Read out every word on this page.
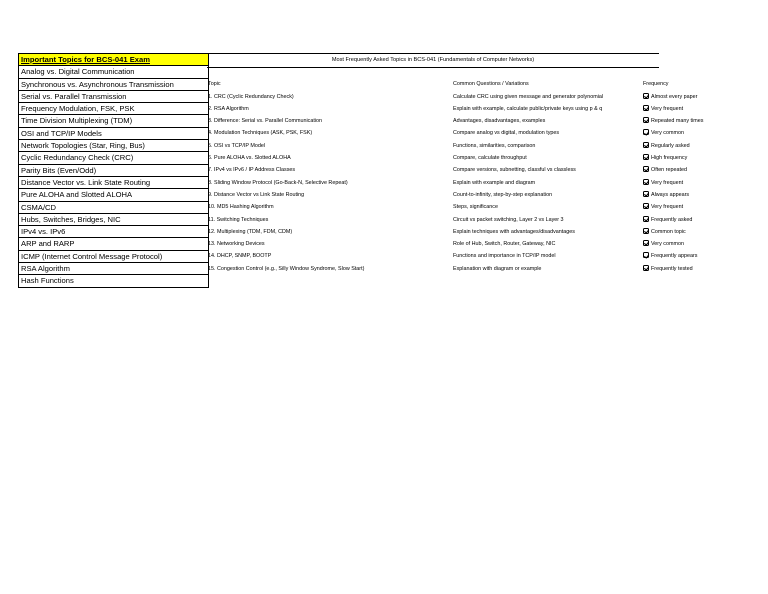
Important Topics for BCS-041 Exam
Analog vs. Digital Communication
Synchronous vs. Asynchronous Transmission
Serial vs. Parallel Transmission
Frequency Modulation, FSK, PSK
Time Division Multiplexing (TDM)
OSI and TCP/IP Models
Network Topologies (Star, Ring, Bus)
Cyclic Redundancy Check (CRC)
Parity Bits (Even/Odd)
Distance Vector vs. Link State Routing
Pure ALOHA and Slotted ALOHA
CSMA/CD
Hubs, Switches, Bridges, NIC
IPv4 vs. IPv6
ARP and RARP
ICMP (Internet Control Message Protocol)
RSA Algorithm
Hash Functions
Most Frequently Asked Topics in BCS-041 (Fundamentals of Computer Networks)
Topic	Common Questions / Variations	Frequency
1. CRC (Cyclic Redundancy Check)	Calculate CRC using given message and generator polynomial	Almost every paper
2. RSA Algorithm	Explain with example, calculate public/private keys using p & q	Very frequent
3. Difference: Serial vs. Parallel Communication	Advantages, disadvantages, examples	Repeated many times
4. Modulation Techniques (ASK, PSK, FSK)	Compare analog vs digital, modulation types	Very common
5. OSI vs TCP/IP Model	Functions, similarities, comparison	Regularly asked
6. Pure ALOHA vs. Slotted ALOHA	Compare, calculate throughput	High frequency
7. IPv4 vs IPv6 / IP Address Classes	Compare versions, subnetting, classful vs classless	Often repeated
8. Sliding Window Protocol (Go-Back-N, Selective Repeat)	Explain with example and diagram	Very frequent
9. Distance Vector vs Link State Routing	Count-to-infinity, step-by-step explanation	Always appears
10. MD5 Hashing Algorithm	Steps, significance	Very frequent
11. Switching Techniques	Circuit vs packet switching, Layer 2 vs Layer 3	Frequently asked
12. Multiplexing (TDM, FDM, CDM)	Explain techniques with advantages/disadvantages	Common topic
13. Networking Devices	Role of Hub, Switch, Router, Gateway, NIC	Very common
14. DHCP, SNMP, BOOTP	Functions and importance in TCP/IP model	Frequently appears
15. Congestion Control (e.g., Silly Window Syndrome, Slow Start)	Explanation with diagram or example	Frequently tested
